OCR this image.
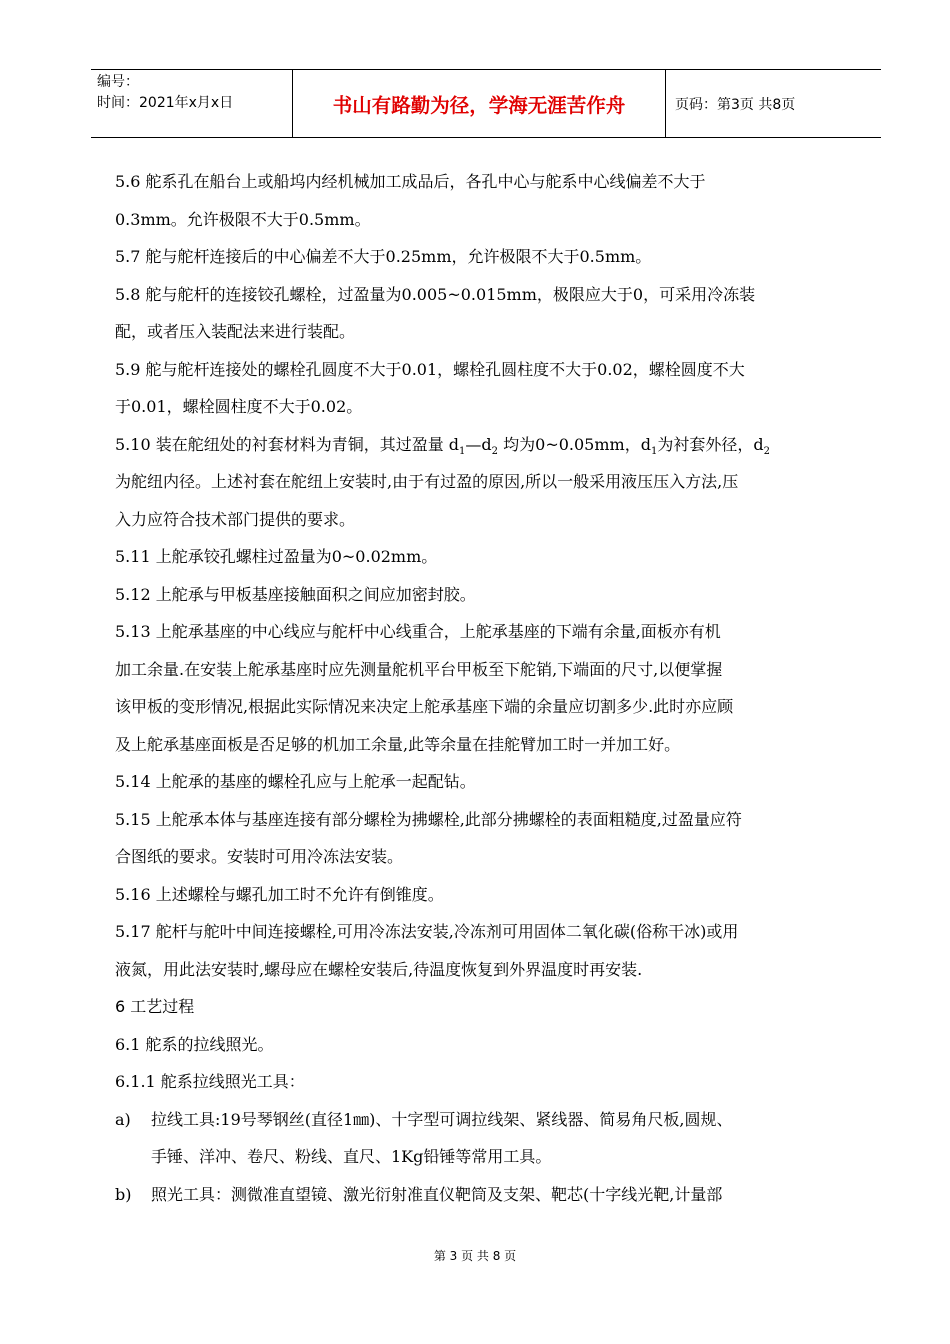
编号：
时间：2021年x月x日	书山有路勤为径，学海无涯苦作舟	页码：第3页 共8页

5.6 舵系孔在船台上或船坞内经机械加工成品后，各孔中心与舵系中心线偏差不大于

0.3mm。允许极限不大于0.5mm。

5.7 舵与舵杆连接后的中心偏差不大于0.25mm，允许极限不大于0.5mm。

5.8 舵与舵杆的连接铰孔螺栓，过盈量为0.005~0.015mm，极限应大于0，可采用冷冻装

配，或者压入装配法来进行装配。

5.9 舵与舵杆连接处的螺栓孔圆度不大于0.01，螺栓孔圆柱度不大于0.02，螺栓圆度不大

于0.01，螺栓圆柱度不大于0.02。

5.10 装在舵纽处的衬套材料为青铜，其过盈量 $d_1—d_2$ 均为0~0.05mm，$d_1$为衬套外径，$d_2$

为舵纽内径。上述衬套在舵纽上安装时,由于有过盈的原因,所以一般采用液压压入方法,压

入力应符合技术部门提供的要求。

5.11 上舵承铰孔螺柱过盈量为0~0.02mm。

5.12 上舵承与甲板基座接触面积之间应加密封胶。

5.13 上舵承基座的中心线应与舵杆中心线重合，上舵承基座的下端有余量,面板亦有机

加工余量.在安装上舵承基座时应先测量舵机平台甲板至下舵销,下端面的尺寸,以便掌握

该甲板的变形情况,根据此实际情况来决定上舵承基座下端的余量应切割多少.此时亦应顾

及上舵承基座面板是否足够的机加工余量,此等余量在挂舵臂加工时一并加工好。

5.14 上舵承的基座的螺栓孔应与上舵承一起配钻。

5.15 上舵承本体与基座连接有部分螺栓为拂螺栓,此部分拂螺栓的表面粗糙度,过盈量应符

合图纸的要求。安装时可用冷冻法安装。

5.16 上述螺栓与螺孔加工时不允许有倒锥度。

5.17 舵杆与舵叶中间连接螺栓,可用冷冻法安装,冷冻剂可用固体二氧化碳(俗称干冰)或用

液氮，用此法安装时,螺母应在螺栓安装后,待温度恢复到外界温度时再安装.

6 工艺过程

6.1 舵系的拉线照光。

6.1.1 舵系拉线照光工具：

a)	拉线工具:19号琴钢丝(直径1㎜)、十字型可调拉线架、紧线器、简易角尺板,圆规、
手锤、洋冲、卷尺、粉线、直尺、1Kg铅锤等常用工具。
b)	照光工具：测微准直望镜、激光衍射准直仪靶筒及支架、靶芯(十字线光靶,计量部
第 3 页 共 8 页
